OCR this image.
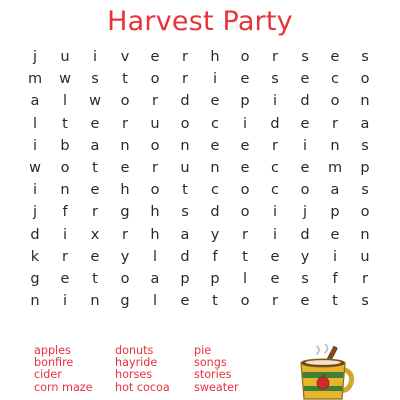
Harvest Party
j	u	i	v	e	r	h	o	r	s	e	s
m	w	s	t	o	r	i	e	s	e	c	o
a	l	w	o	r	d	e	p	i	d	o	n
l	t	e	r	u	o	c	i	d	e	r	a
i	b	a	n	o	n	e	e	r	i	n	s
w	o	t	e	r	u	n	e	c	e	m	p
i	n	e	h	o	t	c	o	c	o	a	s
j	f	r	g	h	s	d	o	i	j	p	o
d	i	x	r	h	a	y	r	i	d	e	n
k	r	e	y	l	d	f	t	e	y	i	u
g	e	t	o	a	p	p	l	e	s	f	r
n	i	n	g	l	e	t	o	r	e	t	s
apples
bonfire
cider
corn maze
donuts
hayride
horses
hot cocoa
pie
songs
stories
sweater
